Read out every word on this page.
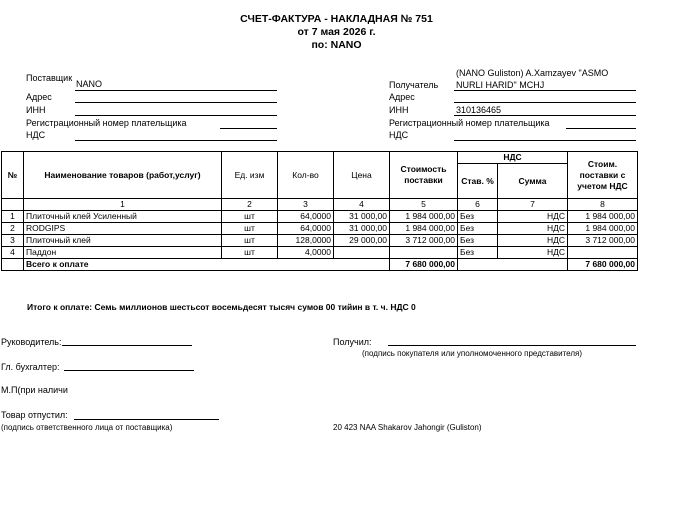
СЧЕТ-ФАКТУРА - НАКЛАДНАЯ № 751
от 7 мая 2026 г.
по: NANO
Поставщик
NANO
Адрес
ИНН
Регистрационный номер плательщика
НДС
(NANO Guliston) A.Xamzayev "ASMO
Получатель NURLI HARID" MCHJ
Адрес
ИНН	310136465
Регистрационный номер плательщика
НДС
№	Наименование товаров (работ,услуг)	Ед. изм	Кол-во	Цена	Стоимость поставки	НДС		Стоим. поставки с учетом НДС
						Став. %	Сумма	
	1	2	3	4	5	6	7	8
1	Плиточный клей Усиленный	шт	64,0000	31 000,00	1 984 000,00	Без	НДС	1 984 000,00
2	RODGIPS	шт	64,0000	31 000,00	1 984 000,00	Без	НДС	1 984 000,00
3	Плиточный клей	шт	128,0000	29 000,00	3 712 000,00	Без	НДС	3 712 000,00
4	Паддон	шт	4,0000			Без	НДС	
	Всего к оплате				7 680 000,00			7 680 000,00
Итого к оплате: Семь миллионов шестьсот восемьдесят тысяч сумов 00 тийин в т. ч. НДС 0
Руководитель:
Гл. бухгалтер:
М.П(при наличи
Товар отпустил:
(подпись ответственного лица от поставщика)
Получил:
(подпись покупателя или уполномоченного представителя)
20 423 NAA Shakarov Jahongir (Guliston)
